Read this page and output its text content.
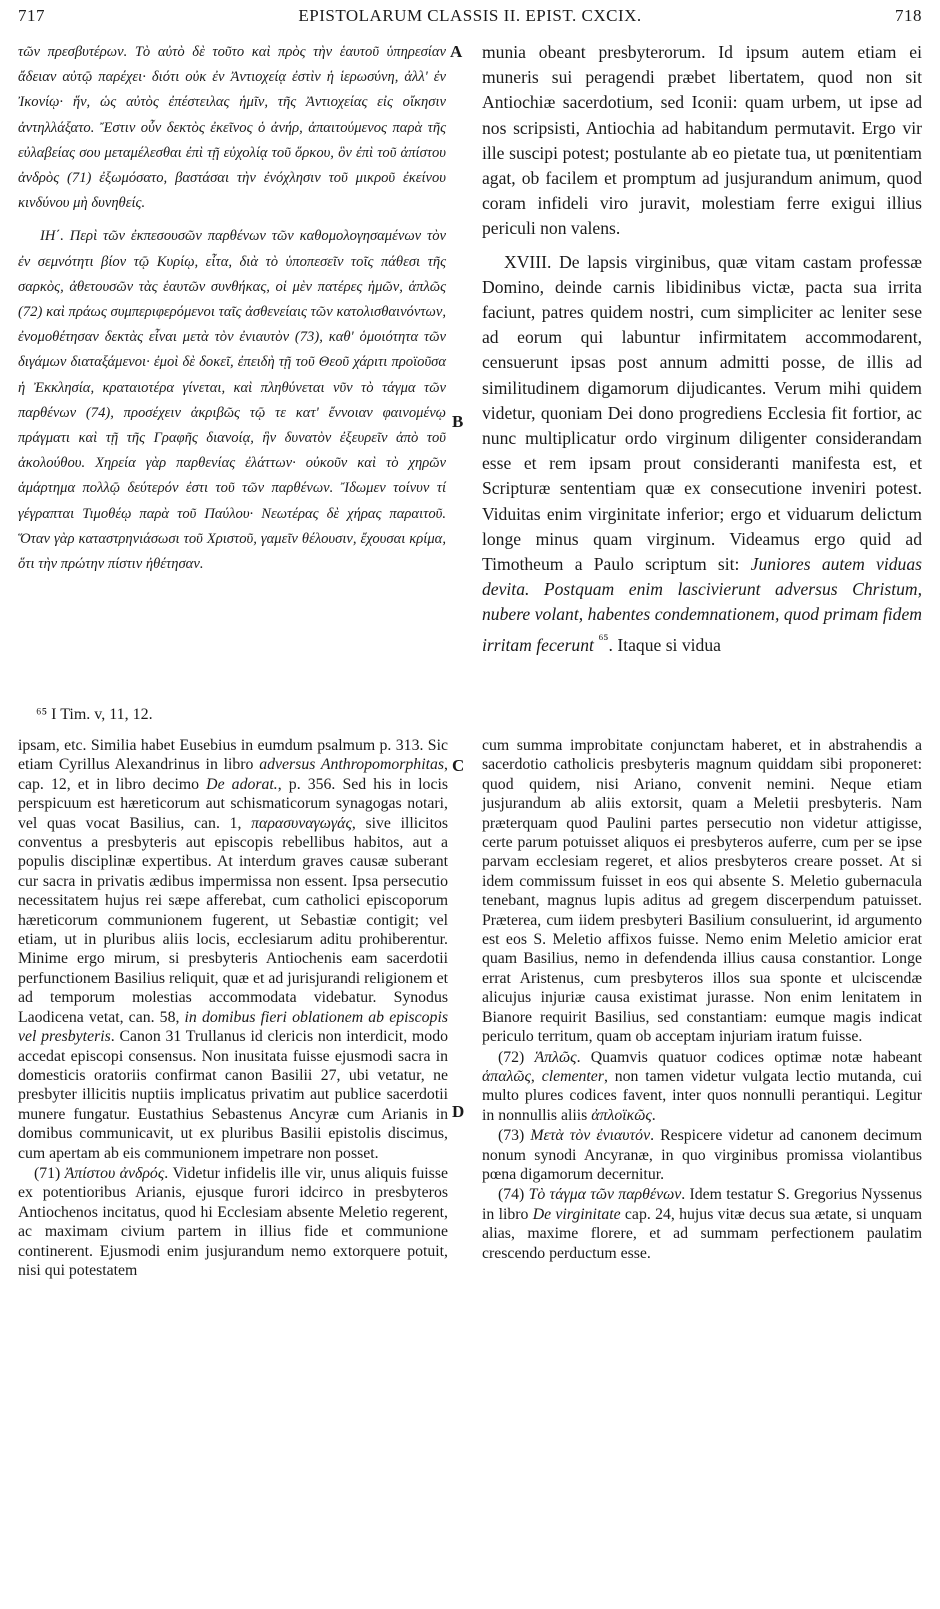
717	EPISTOLARUM CLASSIS II. EPIST. CXCIX.	718
A
B
C
D

τῶν πρεσβυτέρων. Τὸ αὐτὸ δὲ τοῦτο καὶ πρὸς τὴν ἑαυτοῦ ὑπηρεσίαν ἄδειαν αὐτῷ παρέχει· διότι οὐκ ἐν Ἀντιοχείᾳ ἐστὶν ἡ ἱερωσύνη, ἀλλ' ἐν Ἰκονίῳ· ἥν, ὡς αὐτὸς ἐπέστειλας ἡμῖν, τῆς Ἀντιοχείας εἰς οἴκησιν ἀντηλλάξατο. Ἔστιν οὖν δεκτὸς ἐκεῖνος ὁ ἀνήρ, ἀπαιτούμενος παρὰ τῆς εὐλαβείας σου μεταμέλεσθαι ἐπὶ τῇ εὐχολίᾳ τοῦ ὅρκου, ὃν ἐπὶ τοῦ ἀπίστου ἀνδρὸς (71) ἐξωμόσατο, βαστάσαι τὴν ἐνόχλησιν τοῦ μικροῦ ἐκείνου κινδύνου μὴ δυνηθείς.

ΙΗ΄. Περὶ τῶν ἐκπεσουσῶν παρθένων τῶν καθομολογησαμένων τὸν ἐν σεμνότητι βίον τῷ Κυρίῳ, εἶτα, διὰ τὸ ὑποπεσεῖν τοῖς πάθεσι τῆς σαρκὸς, ἀθετουσῶν τὰς ἑαυτῶν συνθήκας, οἱ μὲν πατέρες ἡμῶν, ἁπλῶς (72) καὶ πράως συμπεριφερόμενοι ταῖς ἀσθενείαις τῶν κατολισθαινόντων, ἐνομοθέτησαν δεκτὰς εἶναι μετὰ τὸν ἐνιαυτὸν (73), καθ' ὁμοιότητα τῶν διγάμων διαταξάμενοι· ἐμοὶ δὲ δοκεῖ, ἐπειδὴ τῇ τοῦ Θεοῦ χάριτι προϊοῦσα ἡ Ἐκκλησία, κραταιοτέρα γίνεται, καὶ πληθύνεται νῦν τὸ τάγμα τῶν παρθένων (74), προσέχειν ἀκριβῶς τῷ τε κατ' ἔννοιαν φαινομένῳ πράγματι καὶ τῇ τῆς Γραφῆς διανοίᾳ, ἣν δυνατὸν ἐξευρεῖν ἀπὸ τοῦ ἀκολούθου. Χηρεία γὰρ παρθενίας ἐλάττων· οὐκοῦν καὶ τὸ χηρῶν ἁμάρτημα πολλῷ δεύτερόν ἐστι τοῦ τῶν παρθένων. Ἴδωμεν τοίνυν τί γέγραπται Τιμοθέῳ παρὰ τοῦ Παύλου· Νεωτέρας δὲ χήρας παραιτοῦ. Ὅταν γὰρ καταστρηνιάσωσι τοῦ Χριστοῦ, γαμεῖν θέλουσιν, ἔχουσαι κρίμα, ὅτι τὴν πρώτην πίστιν ἠθέτησαν.

⁶⁵ I Tim. v, 11, 12.

munia obeant presbyterorum. Id ipsum autem etiam ei muneris sui peragendi præbet libertatem, quod non sit Antiochiæ sacerdotium, sed Iconii: quam urbem, ut ipse ad nos scripsisti, Antiochia ad habitandum permutavit. Ergo vir ille suscipi potest; postulante ab eo pietate tua, ut pœnitentiam agat, ob facilem et promptum ad jusjurandum animum, quod coram infideli viro juravit, molestiam ferre exigui illius periculi non valens.

XVIII. De lapsis virginibus, quæ vitam castam professæ Domino, deinde carnis libidinibus victæ, pacta sua irrita faciunt, patres quidem nostri, cum simpliciter ac leniter sese ad eorum qui labuntur infirmitatem accommodarent, censuerunt ipsas post annum admitti posse, de illis ad similitudinem digamorum dijudicantes. Verum mihi quidem videtur, quoniam Dei dono progrediens Ecclesia fit fortior, ac nunc multiplicatur ordo virginum diligenter considerandam esse et rem ipsam prout consideranti manifesta est, et Scripturæ sententiam quæ ex consecutione inveniri potest. Viduitas enim virginitate inferior; ergo et viduarum delictum longe minus quam virginum. Videamus ergo quid ad Timotheum a Paulo scriptum sit: Juniores autem viduas devita. Postquam enim lascivierunt adversus Christum, nubere volant, habentes condemnationem, quod primam fidem irritam fecerunt $^{^{65}}$. Itaque si vidua

ipsam, etc. Similia habet Eusebius in eumdum psalmum p. 313. Sic etiam Cyrillus Alexandrinus in libro adversus Anthropomorphitas, cap. 12, et in libro decimo De adorat., p. 356. Sed his in locis perspicuum est hæreticorum aut schismaticorum synagogas notari, vel quas vocat Basilius, can. 1, παρασυναγωγάς, sive illicitos conventus a presbyteris aut episcopis rebellibus habitos, aut a populis disciplinæ expertibus. At interdum graves causæ suberant cur sacra in privatis ædibus impermissa non essent. Ipsa persecutio necessitatem hujus rei sæpe afferebat, cum catholici episcoporum hæreticorum communionem fugerent, ut Sebastiæ contigit; vel etiam, ut in pluribus aliis locis, ecclesiarum aditu prohiberentur. Minime ergo mirum, si presbyteris Antiochenis eam sacerdotii perfunctionem Basilius reliquit, quæ et ad jurisjurandi religionem et ad temporum molestias accommodata videbatur. Synodus Laodicena vetat, can. 58, in domibus fieri oblationem ab episcopis vel presbyteris. Canon 31 Trullanus id clericis non interdicit, modo accedat episcopi consensus. Non inusitata fuisse ejusmodi sacra in domesticis oratoriis confirmat canon Basilii 27, ubi vetatur, ne presbyter illicitis nuptiis implicatus privatim aut publice sacerdotii munere fungatur. Eustathius Sebastenus Ancyræ cum Arianis in domibus communicavit, ut ex pluribus Basilii epistolis discimus, cum apertam ab eis communionem impetrare non posset.

(71) Ἀπίστου ἀνδρός. Videtur infidelis ille vir, unus aliquis fuisse ex potentioribus Arianis, ejusque furori idcirco in presbyteros Antiochenos incitatus, quod hi Ecclesiam absente Meletio regerent, ac maximam civium partem in illius fide et communione continerent. Ejusmodi enim jusjurandum nemo extorquere potuit, nisi qui potestatem

cum summa improbitate conjunctam haberet, et in abstrahendis a sacerdotio catholicis presbyteris magnum quiddam sibi proponeret: quod quidem, nisi Ariano, convenit nemini. Neque etiam jusjurandum ab aliis extorsit, quam a Meletii presbyteris. Nam præterquam quod Paulini partes persecutio non videtur attigisse, certe parum potuisset aliquos ei presbyteros auferre, cum per se ipse parvam ecclesiam regeret, et alios presbyteros creare posset. At si idem commissum fuisset in eos qui absente S. Meletio gubernacula tenebant, magnus lupis aditus ad gregem discerpendum patuisset. Præterea, cum iidem presbyteri Basilium consuluerint, id argumento est eos S. Meletio affixos fuisse. Nemo enim Meletio amicior erat quam Basilius, nemo in defendenda illius causa constantior. Longe errat Aristenus, cum presbyteros illos sua sponte et ulciscendæ alicujus injuriæ causa existimat jurasse. Non enim lenitatem in Bianore requirit Basilius, sed constantiam: eumque magis indicat periculo territum, quam ob acceptam injuriam iratum fuisse.

(72) Ἁπλῶς. Quamvis quatuor codices optimæ notæ habeant ἁπαλῶς, clementer, non tamen videtur vulgata lectio mutanda, cui multo plures codices favent, inter quos nonnulli perantiqui. Legitur in nonnullis aliis ἀπλοϊκῶς.

(73) Μετὰ τὸν ἐνιαυτόν. Respicere videtur ad canonem decimum nonum synodi Ancyranæ, in quo virginibus promissa violantibus pœna digamorum decernitur.

(74) Τὸ τάγμα τῶν παρθένων. Idem testatur S. Gregorius Nyssenus in libro De virginitate cap. 24, hujus vitæ decus sua ætate, si unquam alias, maxime florere, et ad summam perfectionem paulatim crescendo perductum esse.
